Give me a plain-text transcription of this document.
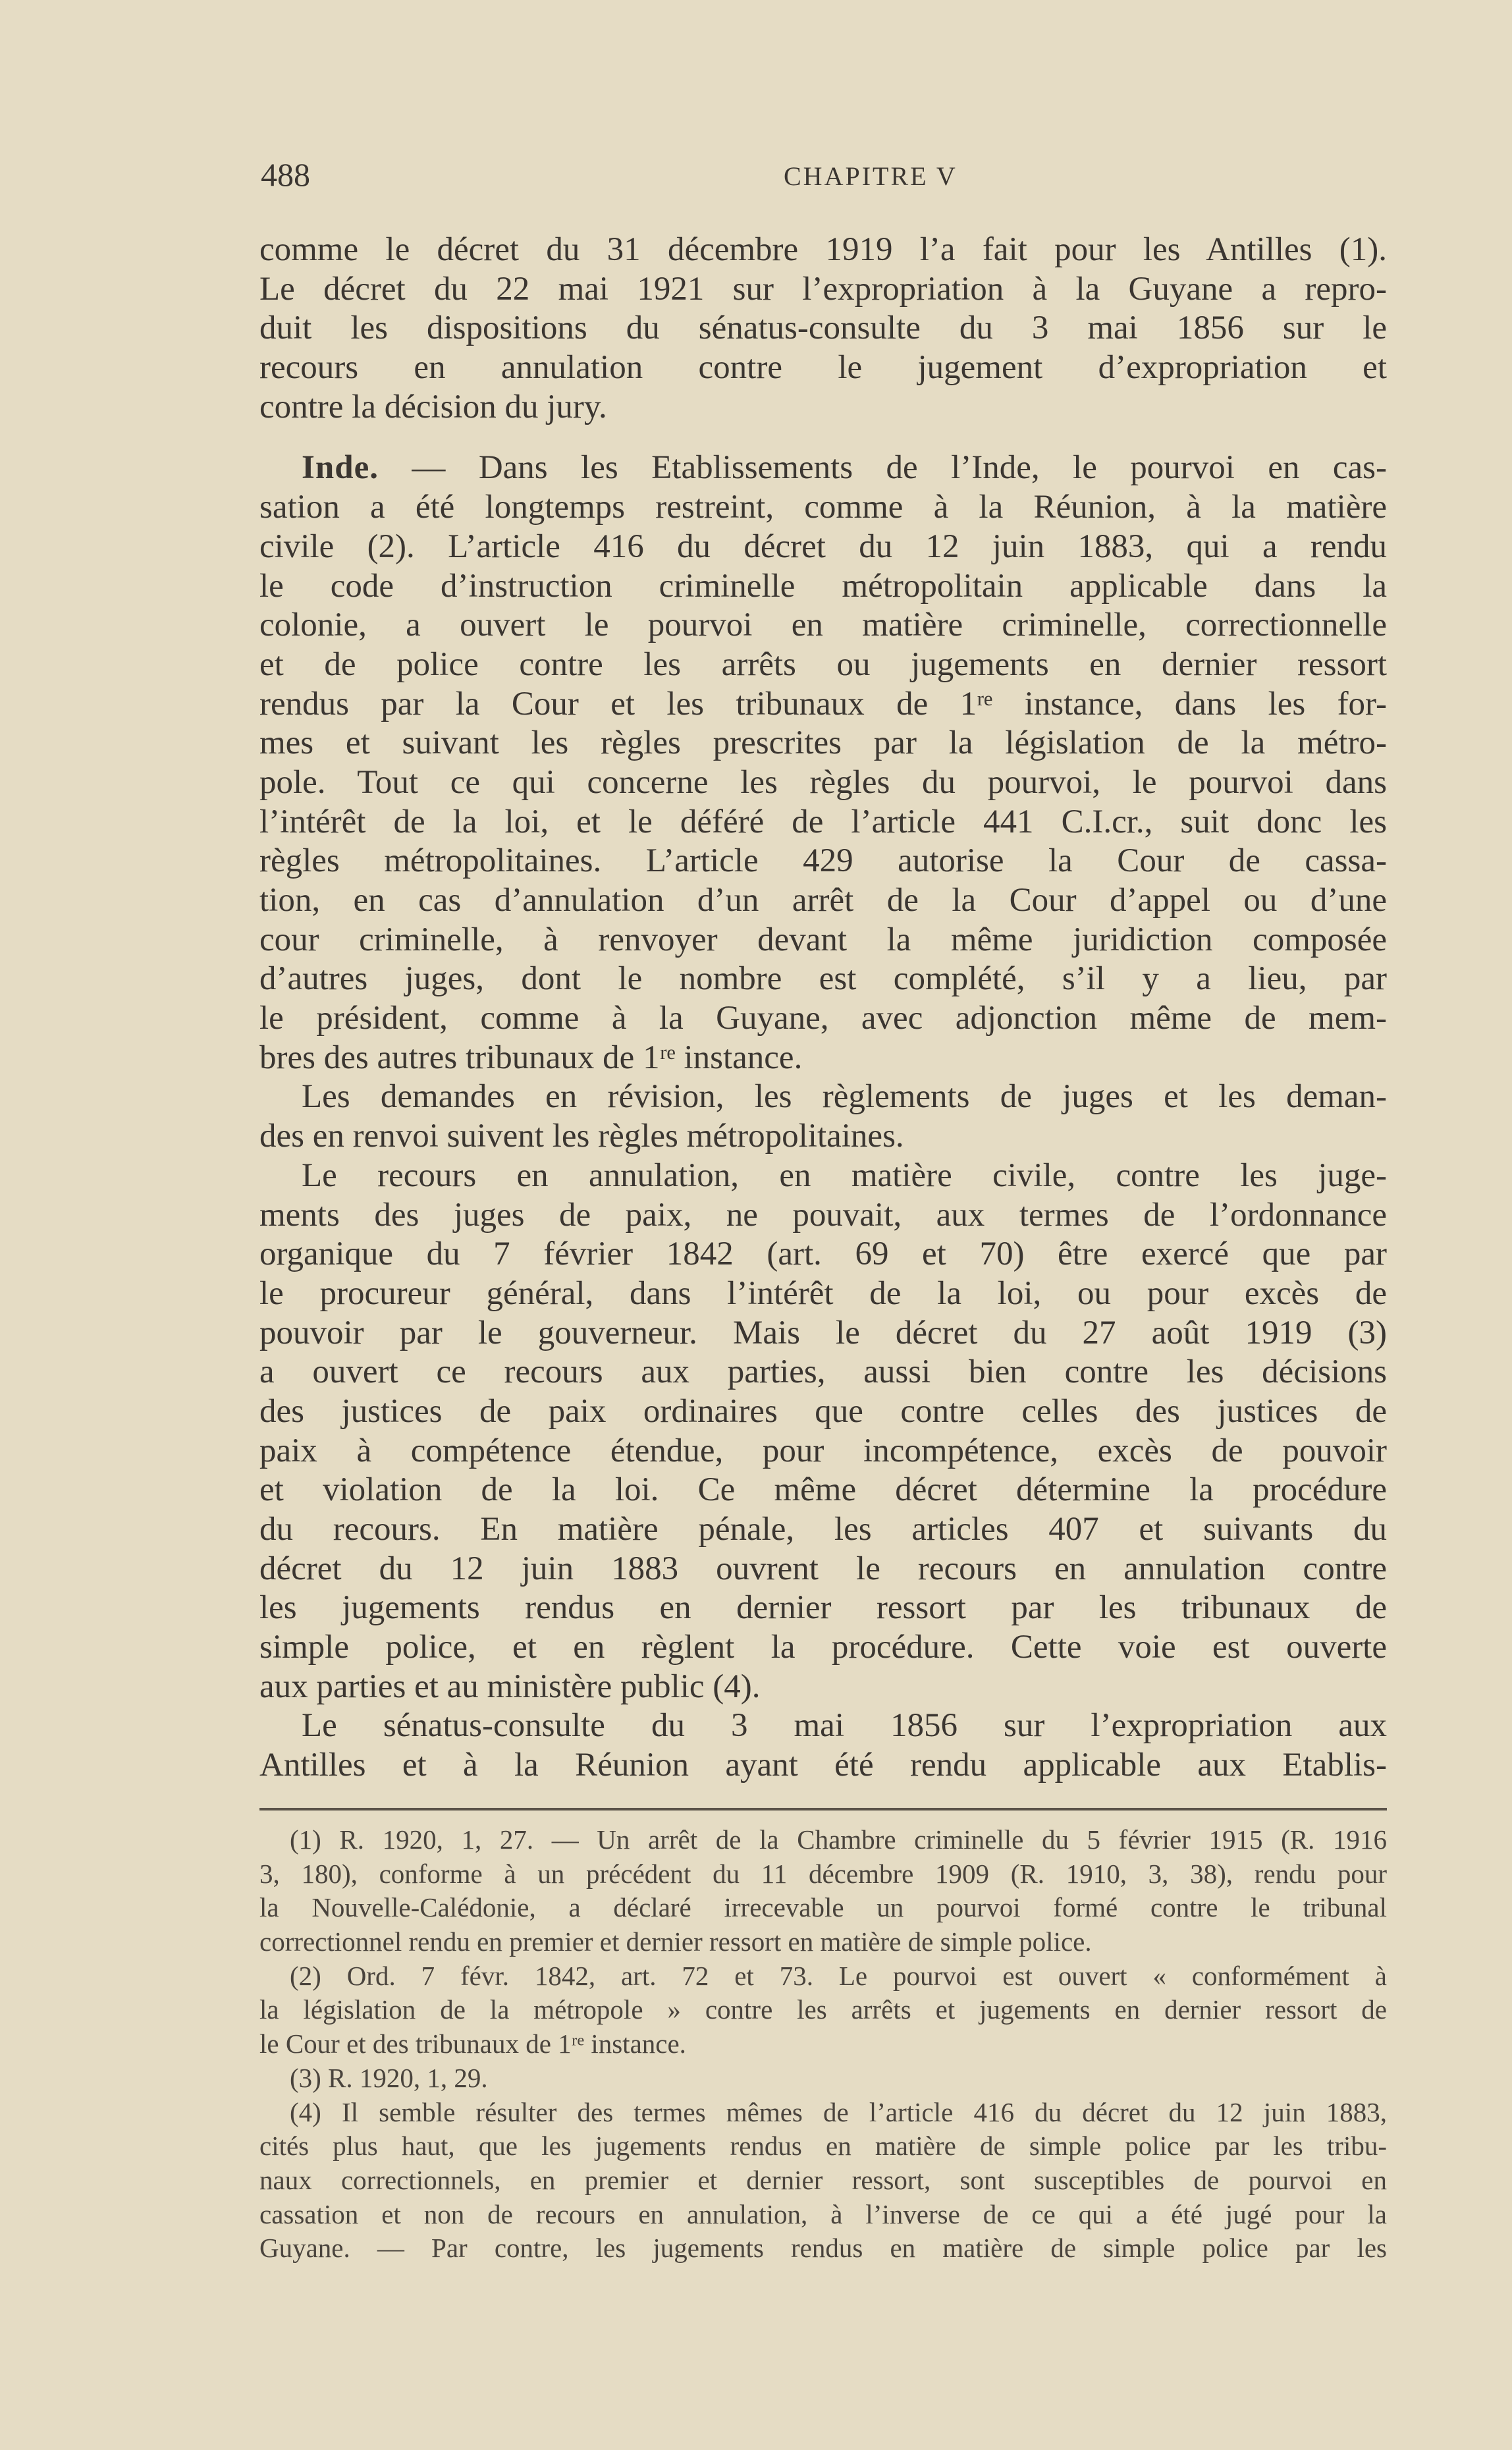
488	CHAPITRE V
comme le décret du 31 décembre 1919 l’a fait pour les Antilles (1).
Le décret du 22 mai 1921 sur l’expropriation à la Guyane a repro-
duit les dispositions du sénatus-consulte du 3 mai 1856 sur le
recours en annulation contre le jugement d’expropriation et
contre la décision du jury.
Inde. — Dans les Etablissements de l’Inde, le pourvoi en cas-
sation a été longtemps restreint, comme à la Réunion, à la matière
civile (2). L’article 416 du décret du 12 juin 1883, qui a rendu
le code d’instruction criminelle métropolitain applicable dans la
colonie, a ouvert le pourvoi en matière criminelle, correctionnelle
et de police contre les arrêts ou jugements en dernier ressort
rendus par la Cour et les tribunaux de 1ʳᵉ instance, dans les for-
mes et suivant les règles prescrites par la législation de la métro-
pole. Tout ce qui concerne les règles du pourvoi, le pourvoi dans
l’intérêt de la loi, et le déféré de l’article 441 C.I.cr., suit donc les
règles métropolitaines. L’article 429 autorise la Cour de cassa-
tion, en cas d’annulation d’un arrêt de la Cour d’appel ou d’une
cour criminelle, à renvoyer devant la même juridiction composée
d’autres juges, dont le nombre est complété, s’il y a lieu, par
le président, comme à la Guyane, avec adjonction même de mem-
bres des autres tribunaux de 1ʳᵉ instance.
Les demandes en révision, les règlements de juges et les deman-
des en renvoi suivent les règles métropolitaines.
Le recours en annulation, en matière civile, contre les juge-
ments des juges de paix, ne pouvait, aux termes de l’ordonnance
organique du 7 février 1842 (art. 69 et 70) être exercé que par
le procureur général, dans l’intérêt de la loi, ou pour excès de
pouvoir par le gouverneur. Mais le décret du 27 août 1919 (3)
a ouvert ce recours aux parties, aussi bien contre les décisions
des justices de paix ordinaires que contre celles des justices de
paix à compétence étendue, pour incompétence, excès de pouvoir
et violation de la loi. Ce même décret détermine la procédure
du recours. En matière pénale, les articles 407 et suivants du
décret du 12 juin 1883 ouvrent le recours en annulation contre
les jugements rendus en dernier ressort par les tribunaux de
simple police, et en règlent la procédure. Cette voie est ouverte
aux parties et au ministère public (4).
Le sénatus-consulte du 3 mai 1856 sur l’expropriation aux
Antilles et à la Réunion ayant été rendu applicable aux Etablis-
(1) R. 1920, 1, 27. — Un arrêt de la Chambre criminelle du 5 février 1915 (R. 1916
3, 180), conforme à un précédent du 11 décembre 1909 (R. 1910, 3, 38), rendu pour
la Nouvelle-Calédonie, a déclaré irrecevable un pourvoi formé contre le tribunal
correctionnel rendu en premier et dernier ressort en matière de simple police.
(2) Ord. 7 févr. 1842, art. 72 et 73. Le pourvoi est ouvert « conformément à
la législation de la métropole » contre les arrêts et jugements en dernier ressort de
le Cour et des tribunaux de 1ʳᵉ instance.
(3) R. 1920, 1, 29.
(4) Il semble résulter des termes mêmes de l’article 416 du décret du 12 juin 1883,
cités plus haut, que les jugements rendus en matière de simple police par les tribu-
naux correctionnels, en premier et dernier ressort, sont susceptibles de pourvoi en
cassation et non de recours en annulation, à l’inverse de ce qui a été jugé pour la
Guyane. — Par contre, les jugements rendus en matière de simple police par les
